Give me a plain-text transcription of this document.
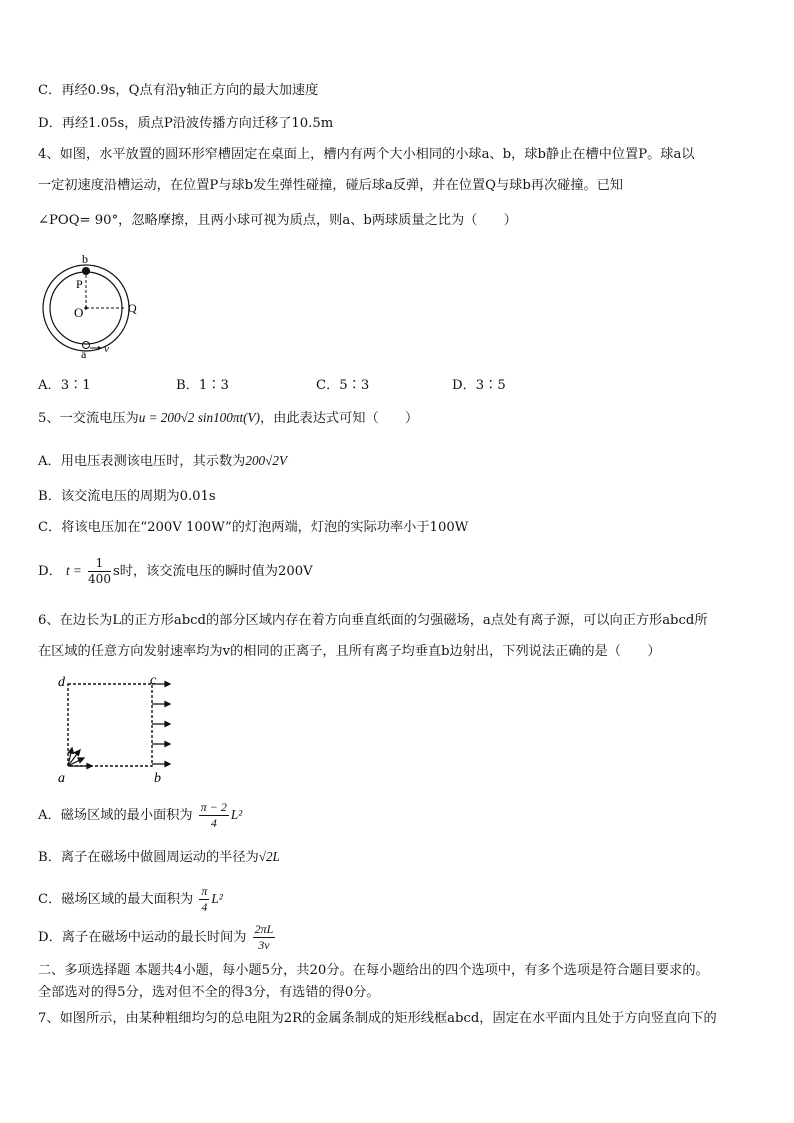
C．再经0.9s，Q点有沿y轴正方向的最大加速度
D．再经1.05s，质点P沿波传播方向迁移了10.5m
4、如图，水平放置的圆环形窄槽固定在桌面上，槽内有两个大小相同的小球a、b，球b静止在槽中位置P。球a以
一定初速度沿槽运动，在位置P与球b发生弹性碰撞，碰后球a反弹，并在位置Q与球b再次碰撞。已知
∠POQ= 90°，忽略摩擦，且两小球可视为质点，则a、b两球质量之比为（　　）
b
P
O	Q
a v
A．3∶1	B．1∶3	C．5∶3	D．3∶5
5、一交流电压为u = 200√2 sin100πt(V)，由此表达式可知（　　）
A．用电压表测该电压时，其示数为200√2V
B．该交流电压的周期为0.01s
C．将该电压加在“200V 100W”的灯泡两端，灯泡的实际功率小于100W
D． $t = \frac{1}{400}$ s时，该交流电压的瞬时值为200V
6、在边长为L的正方形abcd的部分区域内存在着方向垂直纸面的匀强磁场，a点处有离子源，可以向正方形abcd所
在区域的任意方向发射速率均为v的相同的正离子，且所有离子均垂直b边射出，下列说法正确的是（　　）
d	c
a	b
A．磁场区域的最小面积为 $\frac{\pi - 2}{4} L^2$
B．离子在磁场中做圆周运动的半径为√2L
C．磁场区域的最大面积为 $\frac{\pi}{4} L^2$
D．离子在磁场中运动的最长时间为 $\frac{2\pi L}{3v}$
二、多项选择题 本题共4小题，每小题5分，共20分。在每小题给出的四个选项中，有多个选项是符合题目要求的。
全部选对的得5分，选对但不全的得3分，有选错的得0分。
7、如图所示，由某种粗细均匀的总电阻为2R的金属条制成的矩形线框abcd，固定在水平面内且处于方向竖直向下的
